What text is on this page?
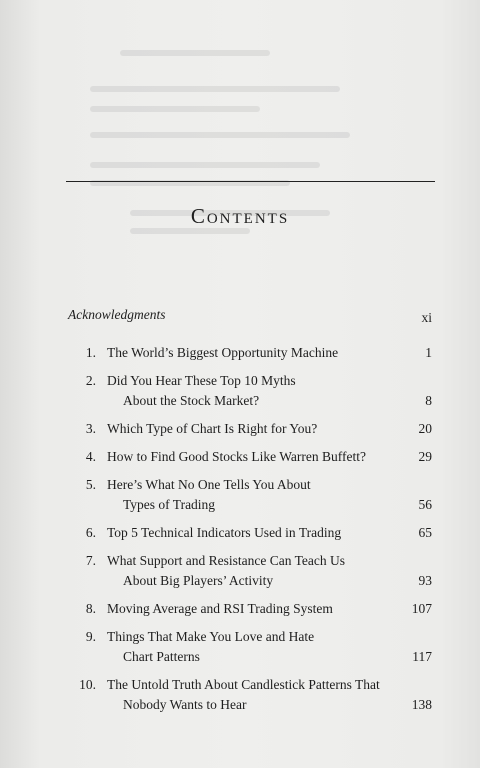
Contents
Acknowledgments	xi
1. The World’s Biggest Opportunity Machine	1
2. Did You Hear These Top 10 Myths
About the Stock Market?	8
3. Which Type of Chart Is Right for You?	20
4. How to Find Good Stocks Like Warren Buffett?	29
5. Here’s What No One Tells You About
Types of Trading	56
6. Top 5 Technical Indicators Used in Trading	65
7. What Support and Resistance Can Teach Us
About Big Players’ Activity	93
8. Moving Average and RSI Trading System	107
9. Things That Make You Love and Hate
Chart Patterns	117
10. The Untold Truth About Candlestick Patterns That
Nobody Wants to Hear	138
